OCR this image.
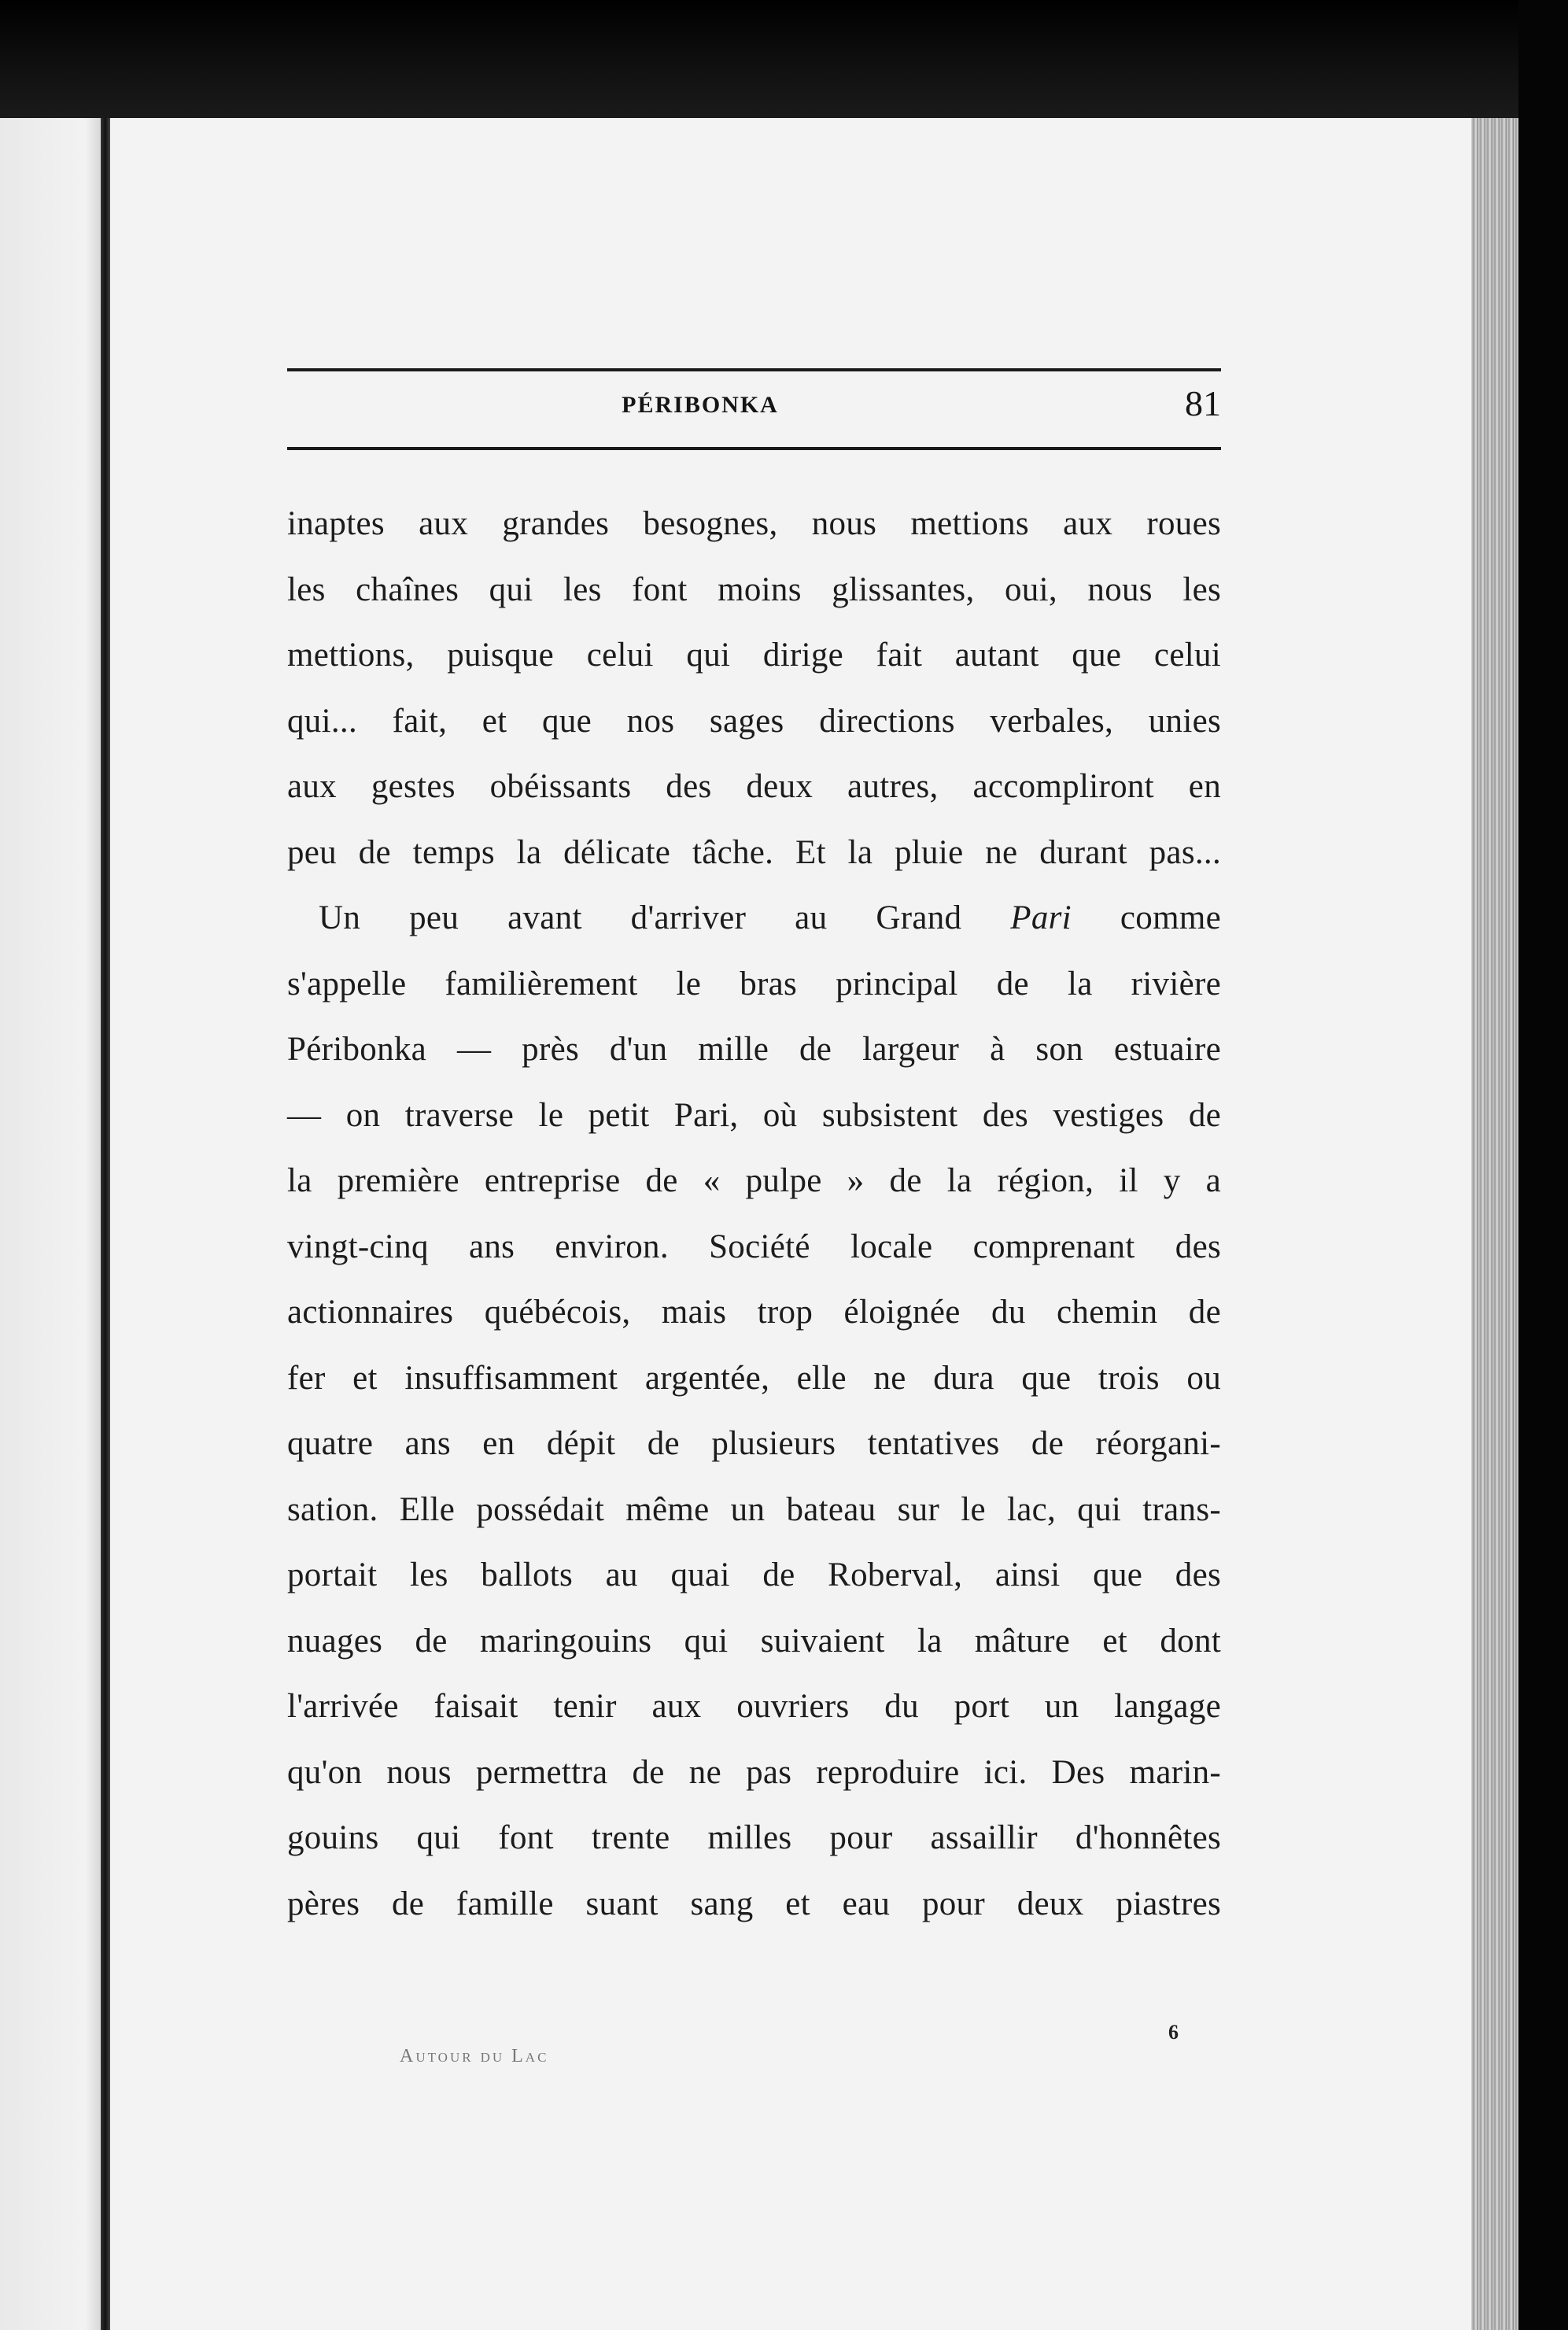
PÉRIBONKA	81
inaptes aux grandes besognes, nous mettions aux roues
les chaînes qui les font moins glissantes, oui, nous les
mettions, puisque celui qui dirige fait autant que celui
qui... fait, et que nos sages directions verbales, unies
aux gestes obéissants des deux autres, accompliront en
peu de temps la délicate tâche. Et la pluie ne durant pas...
Un peu avant d'arriver au Grand Pari comme
s'appelle familièrement le bras principal de la rivière
Péribonka — près d'un mille de largeur à son estuaire
— on traverse le petit Pari, où subsistent des vestiges de
la première entreprise de « pulpe » de la région, il y a
vingt-cinq ans environ. Société locale comprenant des
actionnaires québécois, mais trop éloignée du chemin de
fer et insuffisamment argentée, elle ne dura que trois ou
quatre ans en dépit de plusieurs tentatives de réorgani-
sation. Elle possédait même un bateau sur le lac, qui trans-
portait les ballots au quai de Roberval, ainsi que des
nuages de maringouins qui suivaient la mâture et dont
l'arrivée faisait tenir aux ouvriers du port un langage
qu'on nous permettra de ne pas reproduire ici. Des marin-
gouins qui font trente milles pour assaillir d'honnêtes
pères de famille suant sang et eau pour deux piastres
Autour du Lac
6
